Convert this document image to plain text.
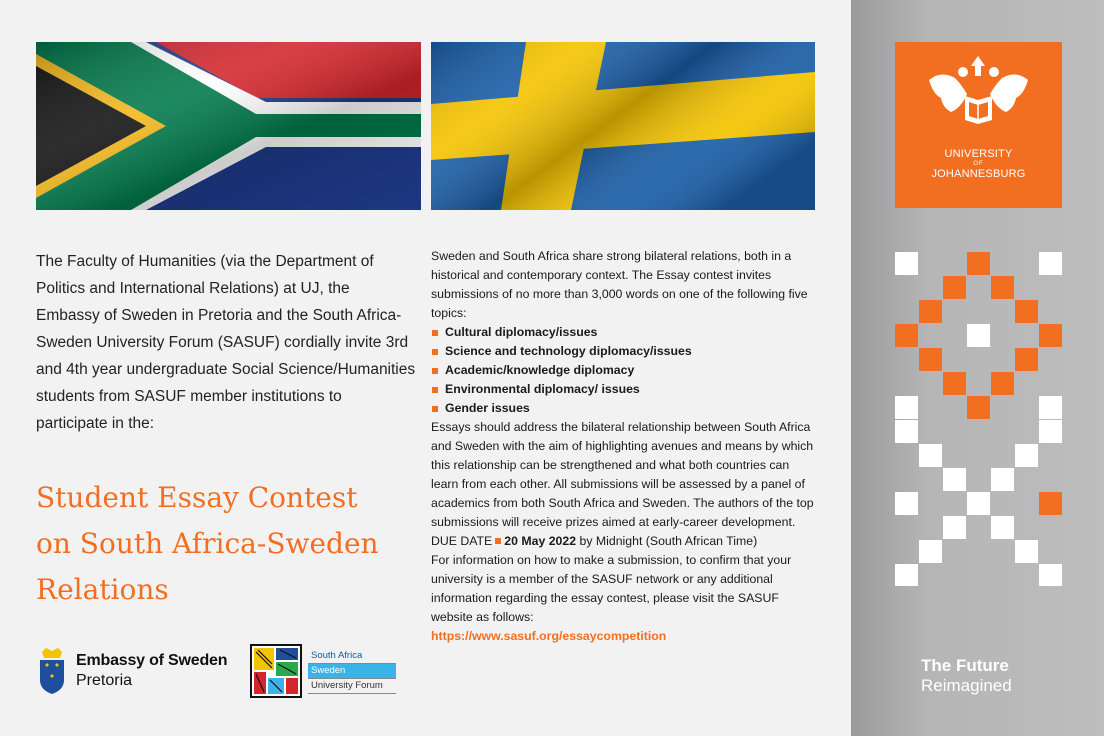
The Faculty of Humanities (via the Department of Politics and International Relations) at UJ, the Embassy of Sweden in Pretoria and the South Africa-Sweden University Forum (SASUF) cordially invite 3rd and 4th year undergraduate Social Science/Humanities students from SASUF member institutions to participate in the:
Student Essay Contest
on South Africa-Sweden
Relations
Embassy of Sweden
Pretoria
South Africa
Sweden
University Forum

Sweden and South Africa share strong bilateral relations, both in a historical and contemporary context. The Essay contest invites submissions of no more than 3,000 words on one of the following five topics:

Cultural diplomacy/issues
Science and technology diplomacy/issues
Academic/knowledge diplomacy
Environmental diplomacy/ issues
Gender issues

Essays should address the bilateral relationship between South Africa and Sweden with the aim of highlighting avenues and means by which this relationship can be strengthened and what both countries can learn from each other. All submissions will be assessed by a panel of academics from both South Africa and Sweden. The authors of the top submissions will receive prizes aimed at early-career development.

DUE DATE 20 May 2022 by Midnight (South African Time)

For information on how to make a submission, to confirm that your university is a member of the SASUF network or any additional information regarding the essay contest, please visit the SASUF website as follows:

https://www.sasuf.org/essaycompetition

UNIVERSITY
OF
JOHANNESBURG
The Future
Reimagined
